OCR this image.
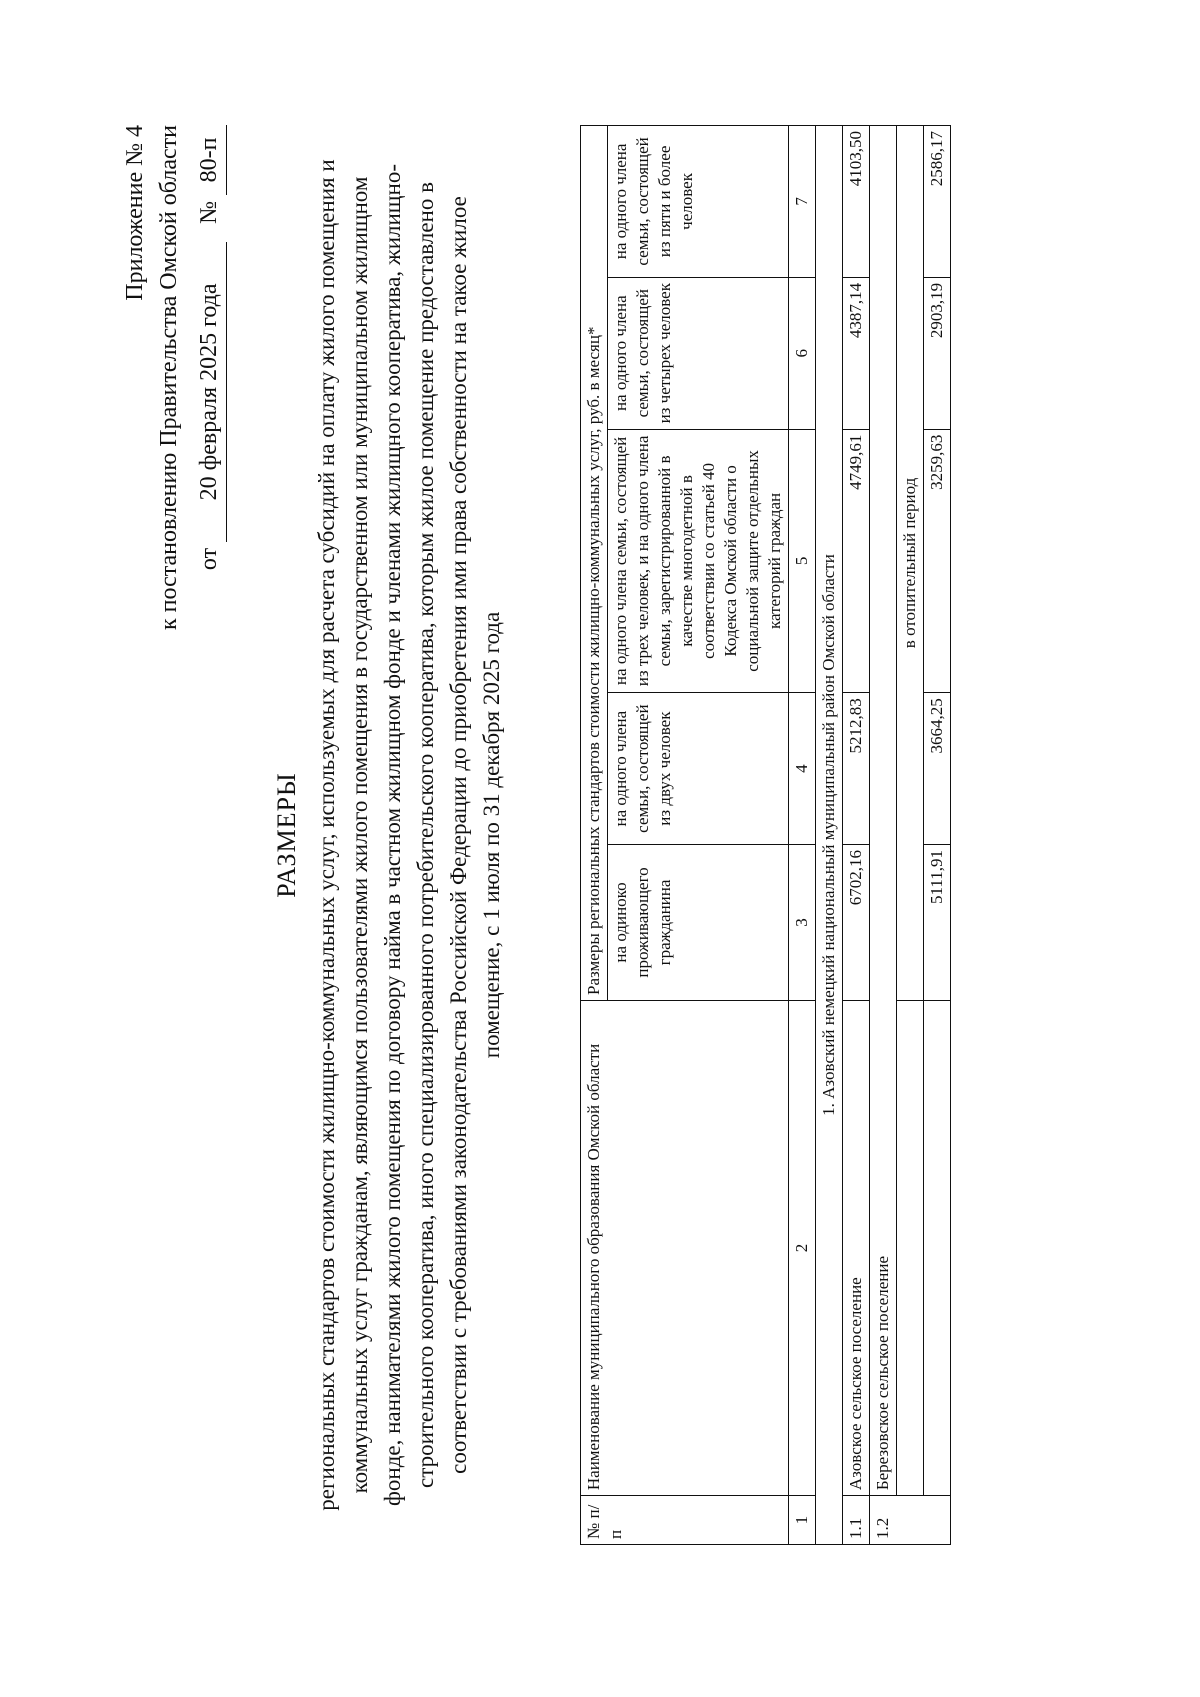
Приложение № 4 к постановлению Правительства Омской области от 20 февраля 2025 года   № 80-п
РАЗМЕРЫ региональных стандартов стоимости жилищно-коммунальных услуг, используемых для расчета субсидий на оплату жилого помещения и коммунальных услуг гражданам, являющимся пользователями жилого помещения в государственном или муниципальном жилищном фонде, нанимателями жилого помещения по договору найма в частном жилищном фонде и членами жилищного кооператива, жилищно-строительного кооператива, иного специализированного потребительского кооператива, которым жилое помещение предоставлено в соответствии с требованиями законодательства Российской Федерации до приобретения ими права собственности на такое жилое помещение, с 1 июля по 31 декабря 2025 года
№ п/п	Наименование муниципального образования Омской области	Размеры региональных стандартов стоимости жилищно-коммунальных услуг, руб. в месяц*				
		на одиноко проживающего гражданина	на одного члена семьи, состоящей из двух человек	на одного члена семьи, состоящей из трех человек, и на одного члена семьи, зарегистрированной в качестве многодетной в соответствии со статьей 40 Кодекса Омской области о социальной защите отдельных категорий граждан	на одного члена семьи, состоящей из четырех человек	на одного члена семьи, состоящей из пяти и более человек
1	2	3	4	5	6	7
1. Азовский немецкий национальный муниципальный район Омской области						
1.1	Азовское сельское поселение	6702,16	5212,83	4749,61	4387,14	4103,50
1.2	Березовское сельское поселение					
		в отопительный период				
		5111,91	3664,25	3259,63	2903,19	2586,17
